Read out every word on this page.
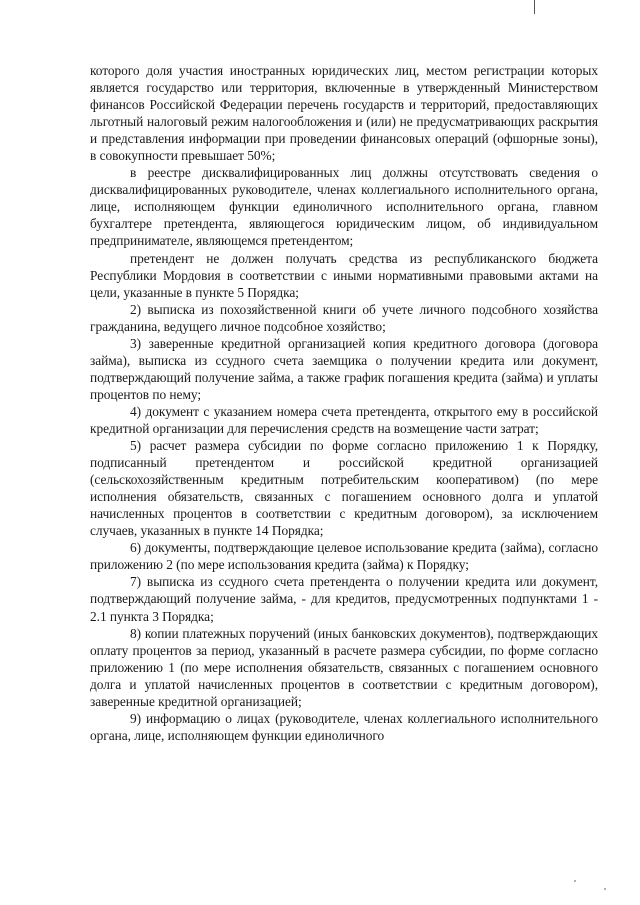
которого доля участия иностранных юридических лиц, местом регистрации которых является государство или территория, включенные в утвержденный Министерством финансов Российской Федерации перечень государств и территорий, предоставляющих льготный налоговый режим налогообложения и (или) не предусматривающих раскрытия и представления информации при проведении финансовых операций (офшорные зоны), в совокупности превышает 50%;

в реестре дисквалифицированных лиц должны отсутствовать сведения о дисквалифицированных руководителе, членах коллегиального исполнительного органа, лице, исполняющем функции единоличного исполнительного органа, главном бухгалтере претендента, являющегося юридическим лицом, об индивидуальном предпринимателе, являющемся претендентом;

претендент не должен получать средства из республиканского бюджета Республики Мордовия в соответствии с иными нормативными правовыми актами на цели, указанные в пункте 5 Порядка;

2) выписка из похозяйственной книги об учете личного подсобного хозяйства гражданина, ведущего личное подсобное хозяйство;

3) заверенные кредитной организацией копия кредитного договора (договора займа), выписка из ссудного счета заемщика о получении кредита или документ, подтверждающий получение займа, а также график погашения кредита (займа) и уплаты процентов по нему;

4) документ с указанием номера счета претендента, открытого ему в российской кредитной организации для перечисления средств на возмещение части затрат;

5) расчет размера субсидии по форме согласно приложению 1 к Порядку, подписанный претендентом и российской кредитной организацией (сельскохозяйственным кредитным потребительским кооперативом) (по мере исполнения обязательств, связанных с погашением основного долга и уплатой начисленных процентов в соответствии с кредитным договором), за исключением случаев, указанных в пункте 14 Порядка;

6) документы, подтверждающие целевое использование кредита (займа), согласно приложению 2 (по мере использования кредита (займа) к Порядку;

7) выписка из ссудного счета претендента о получении кредита или документ, подтверждающий получение займа, - для кредитов, предусмотренных подпунктами 1 - 2.1 пункта 3 Порядка;

8) копии платежных поручений (иных банковских документов), подтверждающих оплату процентов за период, указанный в расчете размера субсидии, по форме согласно приложению 1 (по мере исполнения обязательств, связанных с погашением основного долга и уплатой начисленных процентов в соответствии с кредитным договором), заверенные кредитной организацией;

9) информацию о лицах (руководителе, членах коллегиального исполнительного органа, лице, исполняющем функции единоличного
